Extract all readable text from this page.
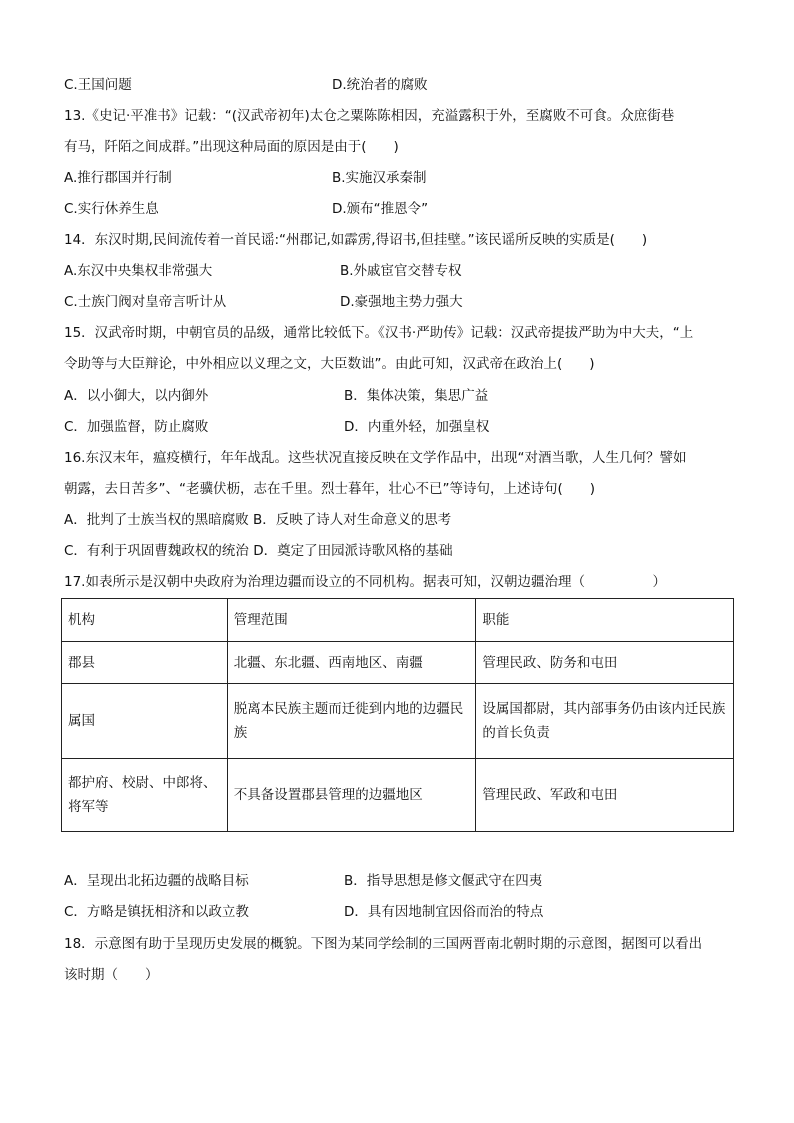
C.王国问题	D.统治者的腐败
13.《史记·平准书》记载：“(汉武帝初年)太仓之粟陈陈相因，充溢露积于外，至腐败不可食。众庶街巷
有马，阡陌之间成群。”出现这种局面的原因是由于(　　)
A.推行郡国并行制	B.实施汉承秦制
C.实行休养生息	D.颁布“推恩令”
14．东汉时期,民间流传着一首民谣:“州郡记,如霹雳,得诏书,但挂壁。”该民谣所反映的实质是(　　)
A.东汉中央集权非常强大	B.外戚宦官交替专权
C.士族门阀对皇帝言听计从	D.豪强地主势力强大
15．汉武帝时期，中朝官员的品级，通常比较低下。《汉书·严助传》记载：汉武帝提拔严助为中大夫，“上
令助等与大臣辩论，中外相应以义理之文，大臣数诎”。由此可知，汉武帝在政治上(　　)
A．以小御大，以内御外	B．集体决策，集思广益
C．加强监督，防止腐败	D．内重外轻，加强皇权
16.东汉末年，瘟疫横行，年年战乱。这些状况直接反映在文学作品中，出现“对酒当歌，人生几何？譬如
朝露，去日苦多”、“老骥伏枥，志在千里。烈士暮年，壮心不已”等诗句，上述诗句(　　)
A．批判了士族当权的黑暗腐败 B．反映了诗人对生命意义的思考
C．有利于巩固曹魏政权的统治 D．奠定了田园派诗歌风格的基础
17.如表所示是汉朝中央政府为治理边疆而设立的不同机构。据表可知，汉朝边疆治理（　　　　　）
机构	管理范围	职能
郡县	北疆、东北疆、西南地区、南疆	管理民政、防务和屯田
属国	脱离本民族主题而迁徙到内地的边疆民族	设属国都尉，其内部事务仍由该内迁民族的首长负责
都护府、校尉、中郎将、将军等	不具备设置郡县管理的边疆地区	管理民政、军政和屯田
A．呈现出北拓边疆的战略目标	B．指导思想是修文偃武守在四夷
C．方略是镇抚相济和以政立教	D．具有因地制宜因俗而治的特点
18．示意图有助于呈现历史发展的概貌。下图为某同学绘制的三国两晋南北朝时期的示意图，据图可以看出
该时期（　　）
